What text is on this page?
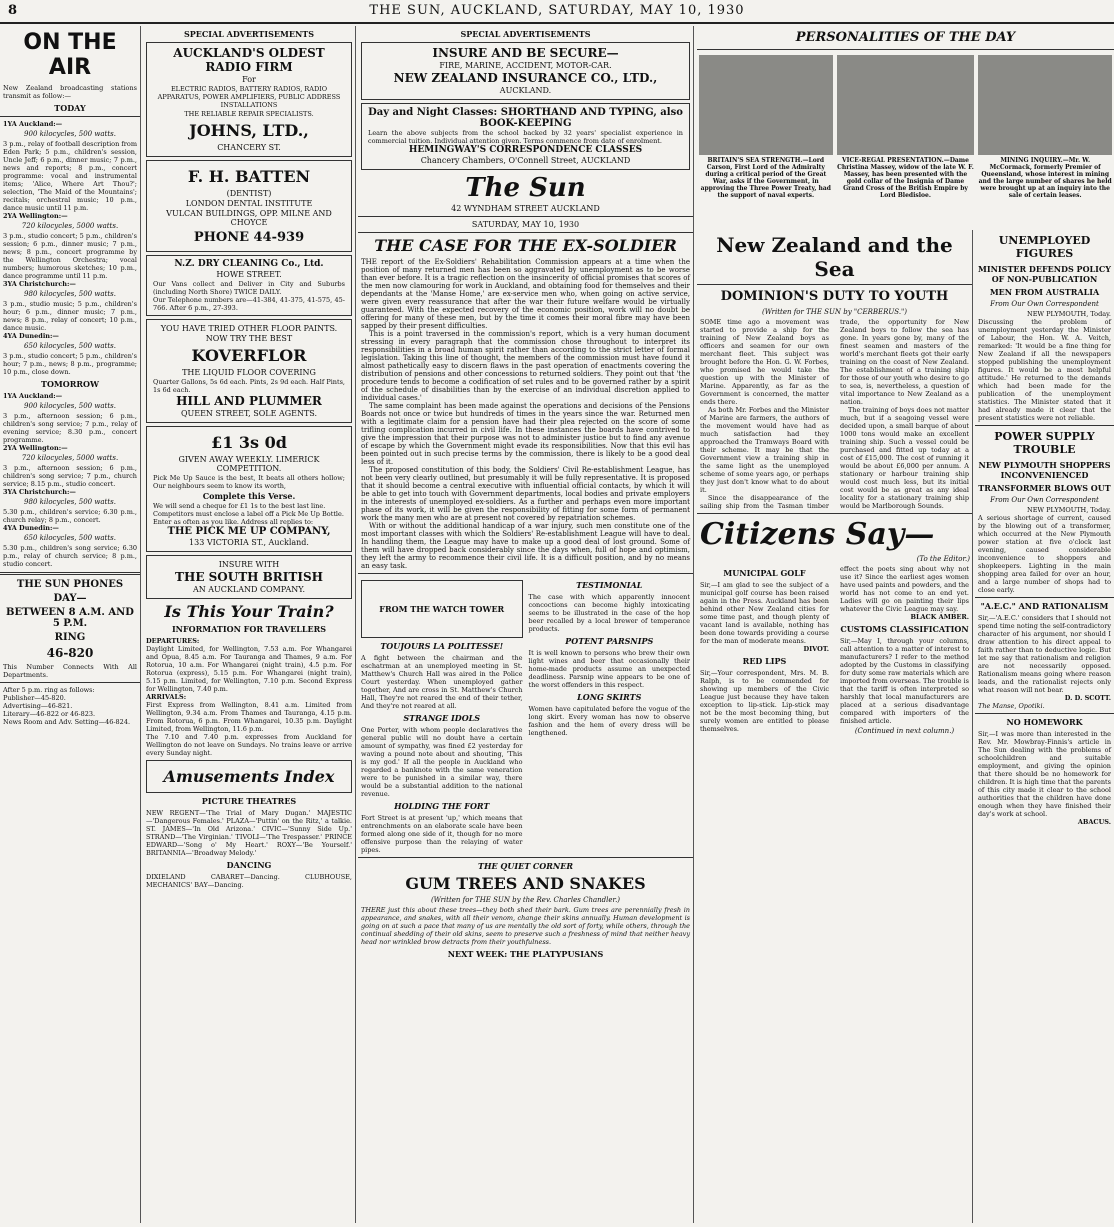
8	THE SUN, AUCKLAND, SATURDAY, MAY 10, 1930
ON THE AIR
New Zealand broadcasting stations transmit as follow:—
TODAY
1YA Auckland:—
900 kilocycles, 500 watts.
3 p.m., relay of football description from Eden Park; 5 p.m., children's session, Uncle Jeff; 6 p.m., dinner music; 7 p.m., news and reports; 8 p.m., concert programme: vocal and instrumental items; 'Alice, Where Art Thou?'; selection, 'The Maid of the Mountains'; recitals; orchestral music; 10 p.m., dance music until 11 p.m.
2YA Wellington:—
720 kilocycles, 5000 watts.
3 p.m., studio concert; 5 p.m., children's session; 6 p.m., dinner music; 7 p.m., news; 8 p.m., concert programme by the Wellington Orchestra; vocal numbers; humorous sketches; 10 p.m., dance programme until 11 p.m.
3YA Christchurch:—
980 kilocycles, 500 watts.
3 p.m., studio music; 5 p.m., children's hour; 6 p.m., dinner music; 7 p.m., news; 8 p.m., relay of concert; 10 p.m., dance music.
4YA Dunedin:—
650 kilocycles, 500 watts.
3 p.m., studio concert; 5 p.m., children's hour; 7 p.m., news; 8 p.m., programme; 10 p.m., close down.
TOMORROW
1YA Auckland:—
900 kilocycles, 500 watts.
3 p.m., afternoon session; 6 p.m., children's song service; 7 p.m., relay of evening service; 8.30 p.m., concert programme.
2YA Wellington:—
720 kilocycles, 5000 watts.
3 p.m., afternoon session; 6 p.m., children's song service; 7 p.m., church service; 8.15 p.m., studio concert.
3YA Christchurch:—
980 kilocycles, 500 watts.
5.30 p.m., children's service; 6.30 p.m., church relay; 8 p.m., concert.
4YA Dunedin:—
650 kilocycles, 500 watts.
5.30 p.m., children's song service; 6.30 p.m., relay of church service; 8 p.m., studio concert.
THE SUN PHONES
DAY—
BETWEEN 8 A.M. AND 5 P.M.
RING
46-820
This Number Connects With All Departments.
After 5 p.m. ring as follows:
Publisher—45-820.
Advertising—46-821.
Literary—46-822 or 46-823.
News Room and Adv. Setting—46-824.
SPECIAL ADVERTISEMENTS
AUCKLAND'S OLDEST RADIO FIRM
For
ELECTRIC RADIOS, BATTERY RADIOS, RADIO APPARATUS, POWER AMPLIFIERS, PUBLIC ADDRESS INSTALLATIONS
THE RELIABLE REPAIR SPECIALISTS.
JOHNS, LTD.,
CHANCERY ST.
F. H. BATTEN
(DENTIST)
LONDON DENTAL INSTITUTE
VULCAN BUILDINGS, OPP. MILNE AND CHOYCE
PHONE 44-939
N.Z. DRY CLEANING Co., Ltd.
HOWE STREET.
Our Vans collect and Deliver in City and Suburbs (including North Shore) TWICE DAILY.
Our Telephone numbers are—41-384, 41-375, 41-575, 45-766. After 6 p.m., 27-393.
YOU HAVE TRIED OTHER FLOOR PAINTS.
NOW TRY THE BEST
KOVERFLOR
THE LIQUID FLOOR COVERING
Quarter Gallons, 5s 6d each. Pints, 2s 9d each. Half Pints, 1s 6d each.
HILL AND PLUMMER
QUEEN STREET, SOLE AGENTS.
£1 3s 0d
GIVEN AWAY WEEKLY. LIMERICK COMPETITION.
Pick Me Up Sauce is the best, It beats all others hollow; Our neighbours seem to know its worth,
Complete this Verse.
We will send a cheque for £1 1s to the best last line.
Competitors must enclose a label off a Pick Me Up Bottle.
Enter as often as you like. Address all replies to:
THE PICK ME UP COMPANY,
133 VICTORIA ST., Auckland.
INSURE WITH
THE SOUTH BRITISH
AN AUCKLAND COMPANY.
Is This Your Train?
INFORMATION FOR TRAVELLERS
DEPARTURES:
Daylight Limited, for Wellington, 7.53 a.m. For Whangarei and Opua, 8.45 a.m. For Tauranga and Thames, 9 a.m. For Rotorua, 10 a.m. For Whangarei (night train), 4.5 p.m. For Rotorua (express), 5.15 p.m. For Whangarei (night train), 5.15 p.m. Limited, for Wellington, 7.10 p.m. Second Express for Wellington, 7.40 p.m.
ARRIVALS:
First Express from Wellington, 8.41 a.m. Limited from Wellington, 9.34 a.m. From Thames and Tauranga, 4.15 p.m. From Rotorua, 6 p.m. From Whangarei, 10.35 p.m. Daylight Limited, from Wellington, 11.6 p.m.
The 7.10 and 7.40 p.m. expresses from Auckland for Wellington do not leave on Sundays. No trains leave or arrive every Sunday night.
Amusements Index
PICTURE THEATRES
NEW REGENT—'The Trial of Mary Dugan.' MAJESTIC—'Dangerous Females.' PLAZA—'Puttin' on the Ritz,' a talkie. ST. JAMES—'In Old Arizona.' CIVIC—'Sunny Side Up.' STRAND—'The Virginian.' TIVOLI—'The Trespasser.' PRINCE EDWARD—'Song o' My Heart.' ROXY—'Be Yourself.' BRITANNIA—'Broadway Melody.'
DANCING
DIXIELAND CABARET—Dancing. CLUBHOUSE, MECHANICS' BAY—Dancing.
SPECIAL ADVERTISEMENTS
INSURE AND BE SECURE—
FIRE, MARINE, ACCIDENT, MOTOR-CAR.
NEW ZEALAND INSURANCE CO., LTD.,
AUCKLAND.
Day and Night Classes: SHORTHAND AND TYPING, also BOOK-KEEPING
Learn the above subjects from the school backed by 32 years' specialist experience in commercial tuition. Individual attention given. Terms commence from date of enrolment.
HEMINGWAY'S CORRESPONDENCE CLASSES
Chancery Chambers, O'Connell Street, AUCKLAND
The Sun
42 WYNDHAM STREET AUCKLAND
SATURDAY, MAY 10, 1930
THE CASE FOR THE EX-SOLDIER
THE report of the Ex-Soldiers' Rehabilitation Commission appears at a time when the position of many returned men has been so aggravated by unemployment as to be worse than ever before. It is a tragic reflection on the insincerity of official promises that scores of the men now clamouring for work in Auckland, and obtaining food for themselves and their dependants at the 'Manse Home,' are ex-service men who, when going on active service, were given every reassurance that after the war their future welfare would be virtually guaranteed. With the expected recovery of the economic position, work will no doubt be offering for many of these men, but by the time it comes their moral fibre may have been sapped by their present difficulties.
This is a point traversed in the commission's report, which is a very human document stressing in every paragraph that the commission chose throughout to interpret its responsibilities in a broad human spirit rather than according to the strict letter of formal legislation. Taking this line of thought, the members of the commission must have found it almost pathetically easy to discern flaws in the past operation of enactments covering the distribution of pensions and other concessions to returned soldiers. They point out that 'the procedure tends to become a codification of set rules and to be governed rather by a spirit of the schedule of disabilities than by the exercise of an individual discretion applied to individual cases.'
The same complaint has been made against the operations and decisions of the Pensions Boards not once or twice but hundreds of times in the years since the war. Returned men with a legitimate claim for a pension have had their plea rejected on the score of some trifling complication incurred in civil life. In these instances the boards have contrived to give the impression that their purpose was not to administer justice but to find any avenue of escape by which the Government might evade its responsibilities. Now that this evil has been pointed out in such precise terms by the commission, there is likely to be a good deal less of it.
The proposed constitution of this body, the Soldiers' Civil Re-establishment League, has not been very clearly outlined, but presumably it will be fully representative. It is proposed that it should become a central executive with influential official contacts, by which it will be able to get into touch with Government departments, local bodies and private employers in the interests of unemployed ex-soldiers. As a further and perhaps even more important phase of its work, it will be given the responsibility of fitting for some form of permanent work the many men who are at present not covered by repatriation schemes.
With or without the additional handicap of a war injury, such men constitute one of the most important classes with which the Soldiers' Re-establishment League will have to deal. In handling them, the League may have to make up a good deal of lost ground. Some of them will have dropped back considerably since the days when, full of hope and optimism, they left the army to recommence their civil life. It is a difficult position, and by no means an easy task.
FROM THE WATCH TOWER
TOUJOURS LA POLITESSE!
A fight between the chairman and the eschatrman at an unemployed meeting in St. Matthew's Church Hall was aired in the Police Court yesterday. When unemployed gather together, And are cross in St. Matthew's Church Hall, They're not reared the end of their tether, And they're not reared at all.
STRANGE IDOLS
One Porter, with whom people declaratives the general public will no doubt have a certain amount of sympathy, was fined £2 yesterday for waving a pound note about and shouting, 'This is my god.' If all the people in Auckland who regarded a banknote with the same veneration were to be punished in a similar way, there would be a substantial addition to the national revenue.
HOLDING THE FORT
Fort Street is at present 'up,' which means that entrenchments on an elaborate scale have been formed along one side of it, though for no more offensive purpose than the relaying of water pipes.
TESTIMONIAL
The case with which apparently innocent concoctions can become highly intoxicating seems to be illustrated in the case of the hop beer recalled by a local brewer of temperance products.
POTENT PARSNIPS
It is well known to persons who brew their own light wines and beer that occasionally their home-made products assume an unexpected deadliness. Parsnip wine appears to be one of the worst offenders in this respect.
LONG SKIRTS
Women have capitulated before the vogue of the long skirt. Every woman has now to observe fashion and the hem of every dress will be lengthened.
THE QUIET CORNER
GUM TREES AND SNAKES
(Written for THE SUN by the Rev. Charles Chandler.)
THERE just this about these trees—they both shed their bark. Gum trees are perennially fresh in appearance, and snakes, with all their venom, change their skins annually. Human development is going on at such a pace that many of us are mentally the old sort of forty, while others, through the continual shedding of their old skins, seem to preserve such a freshness of mind that neither heavy head nor wrinkled brow detracts from their youthfulness.
NEXT WEEK: THE PLATYPUSIANS
PERSONALITIES OF THE DAY
BRITAIN'S SEA STRENGTH.—Lord Carson, First Lord of the Admiralty during a critical period of the Great War, asks if the Government, in approving the Three Power Treaty, had the support of naval experts.
VICE-REGAL PRESENTATION.—Dame Christina Massey, widow of the late W. F. Massey, has been presented with the gold collar of the Insignia of Dame Grand Cross of the British Empire by Lord Bledisloe.
MINING INQUIRY.—Mr. W. McCormack, formerly Premier of Queensland, whose interest in mining and the large number of shares he held were brought up at an inquiry into the sale of certain leases.
New Zealand and the Sea
DOMINION'S DUTY TO YOUTH
(Written for THE SUN by "CERBERUS.")
SOME time ago a movement was started to provide a ship for the training of New Zealand boys as officers and seamen for our own merchant fleet. This subject was brought before the Hon. G. W. Forbes, who promised he would take the question up with the Minister of Marine. Apparently, as far as the Government is concerned, the matter ends there.
As both Mr. Forbes and the Minister of Marine are farmers, the authors of the movement would have had as much satisfaction had they approached the Tramways Board with their scheme. It may be that the Government view a training ship in the same light as the unemployed scheme of some years ago, or perhaps they just don't know what to do about it.
Since the disappearance of the sailing ship from the Tasman timber trade, the opportunity for New Zealand boys to follow the sea has gone. In years gone by, many of the finest seamen and masters of the world's merchant fleets got their early training on the coast of New Zealand. The establishment of a training ship for those of our youth who desire to go to sea, is, nevertheless, a question of vital importance to New Zealand as a nation.
The training of boys does not matter much, but if a seagoing vessel were decided upon, a small barque of about 1000 tons would make an excellent training ship. Such a vessel could be purchased and fitted up today at a cost of £15,000. The cost of running it would be about £6,000 per annum. A stationary or harbour training ship would cost much less, but its initial cost would be as great as any ideal locality for a stationary training ship would be Marlborough Sounds.
Citizens Say—
(To the Editor.)
MUNICIPAL GOLF
Sir,—I am glad to see the subject of a municipal golf course has been raised again in the Press. Auckland has been behind other New Zealand cities for some time past, and though plenty of vacant land is available, nothing has been done towards providing a course for the man of moderate means.
DIVOT.
RED LIPS
Sir,—Your correspondent, Mrs. M. B. Ralph, is to be commended for showing up members of the Civic League just because they have taken exception to lip-stick. Lip-stick may not be the most becoming thing, but surely women are entitled to please themselves.
effect the poets sing about why not use it? Since the earliest ages women have used paints and powders, and the world has not come to an end yet. Ladies will go on painting their lips whatever the Civic League may say.
BLACK AMBER.
CUSTOMS CLASSIFICATION
Sir,—May I, through your columns, call attention to a matter of interest to manufacturers? I refer to the method adopted by the Customs in classifying for duty some raw materials which are imported from overseas. The trouble is that the tariff is often interpreted so harshly that local manufacturers are placed at a serious disadvantage compared with importers of the finished article.
(Continued in next column.)
UNEMPLOYED FIGURES
MINISTER DEFENDS POLICY OF NON-PUBLICATION
MEN FROM AUSTRALIA
From Our Own Correspondent
NEW PLYMOUTH, Today.
Discussing the problem of unemployment yesterday the Minister of Labour, the Hon. W. A. Veitch, remarked: 'It would be a fine thing for New Zealand if all the newspapers stopped publishing the unemployment figures. It would be a most helpful attitude.' He returned to the demands which had been made for the publication of the unemployment statistics. The Minister stated that it had already made it clear that the present statistics were not reliable.
POWER SUPPLY TROUBLE
NEW PLYMOUTH SHOPPERS INCONVENIENCED
TRANSFORMER BLOWS OUT
From Our Own Correspondent
NEW PLYMOUTH, Today.
A serious shortage of current, caused by the blowing out of a transformer, which occurred at the New Plymouth power station at five o'clock last evening, caused considerable inconvenience to shoppers and shopkeepers. Lighting in the main shopping area failed for over an hour, and a large number of shops had to close early.
"A.E.C." AND RATIONALISM
Sir,—'A.E.C.' considers that I should not spend time noting the self-contradictory character of his argument, nor should I draw attention to his direct appeal to faith rather than to deductive logic. But let me say that rationalism and religion are not necessarily opposed. Rationalism means going where reason leads, and the rationalist rejects only what reason will not bear.
D. D. SCOTT.
The Manse, Opotiki.
NO HOMEWORK
Sir,—I was more than interested in the Rev. Mr. Mowbray-Finnis's article in The Sun dealing with the problems of schoolchildren and suitable employment, and giving the opinion that there should be no homework for children. It is high time that the parents of this city made it clear to the school authorities that the children have done enough when they have finished their day's work at school.
ABACUS.
